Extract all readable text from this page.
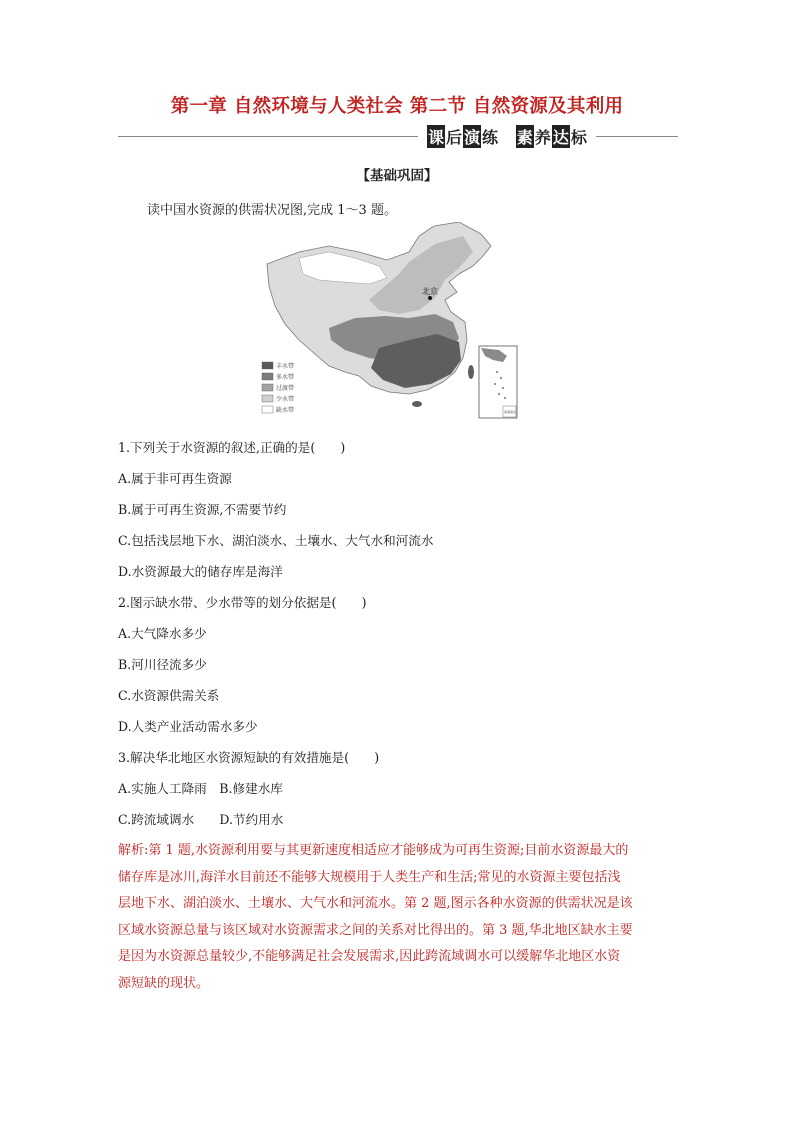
第一章 自然环境与人类社会 第二节 自然资源及其利用
课 后 演 练 素 养 达 标
【基础巩固】
读中国水资源的供需状况图,完成 1～3 题。
北京
丰水带
多水带
过渡带
少水带
缺水带	南海诸岛
1.下列关于水资源的叙述,正确的是(　　)
A.属于非可再生资源
B.属于可再生资源,不需要节约
C.包括浅层地下水、湖泊淡水、土壤水、大气水和河流水
D.水资源最大的储存库是海洋
2.图示缺水带、少水带等的划分依据是(　　)
A.大气降水多少
B.河川径流多少
C.水资源供需关系
D.人类产业活动需水多少
3.解决华北地区水资源短缺的有效措施是(　　)
A.实施人工降雨　B.修建水库
C.跨流域调水　　D.节约用水
解析:第 1 题,水资源利用要与其更新速度相适应才能够成为可再生资源;目前水资源最大的
储存库是冰川,海洋水目前还不能够大规模用于人类生产和生活;常见的水资源主要包括浅
层地下水、湖泊淡水、土壤水、大气水和河流水。第 2 题,图示各种水资源的供需状况是该
区域水资源总量与该区域对水资源需求之间的关系对比得出的。第 3 题,华北地区缺水主要
是因为水资源总量较少,不能够满足社会发展需求,因此跨流域调水可以缓解华北地区水资
源短缺的现状。
